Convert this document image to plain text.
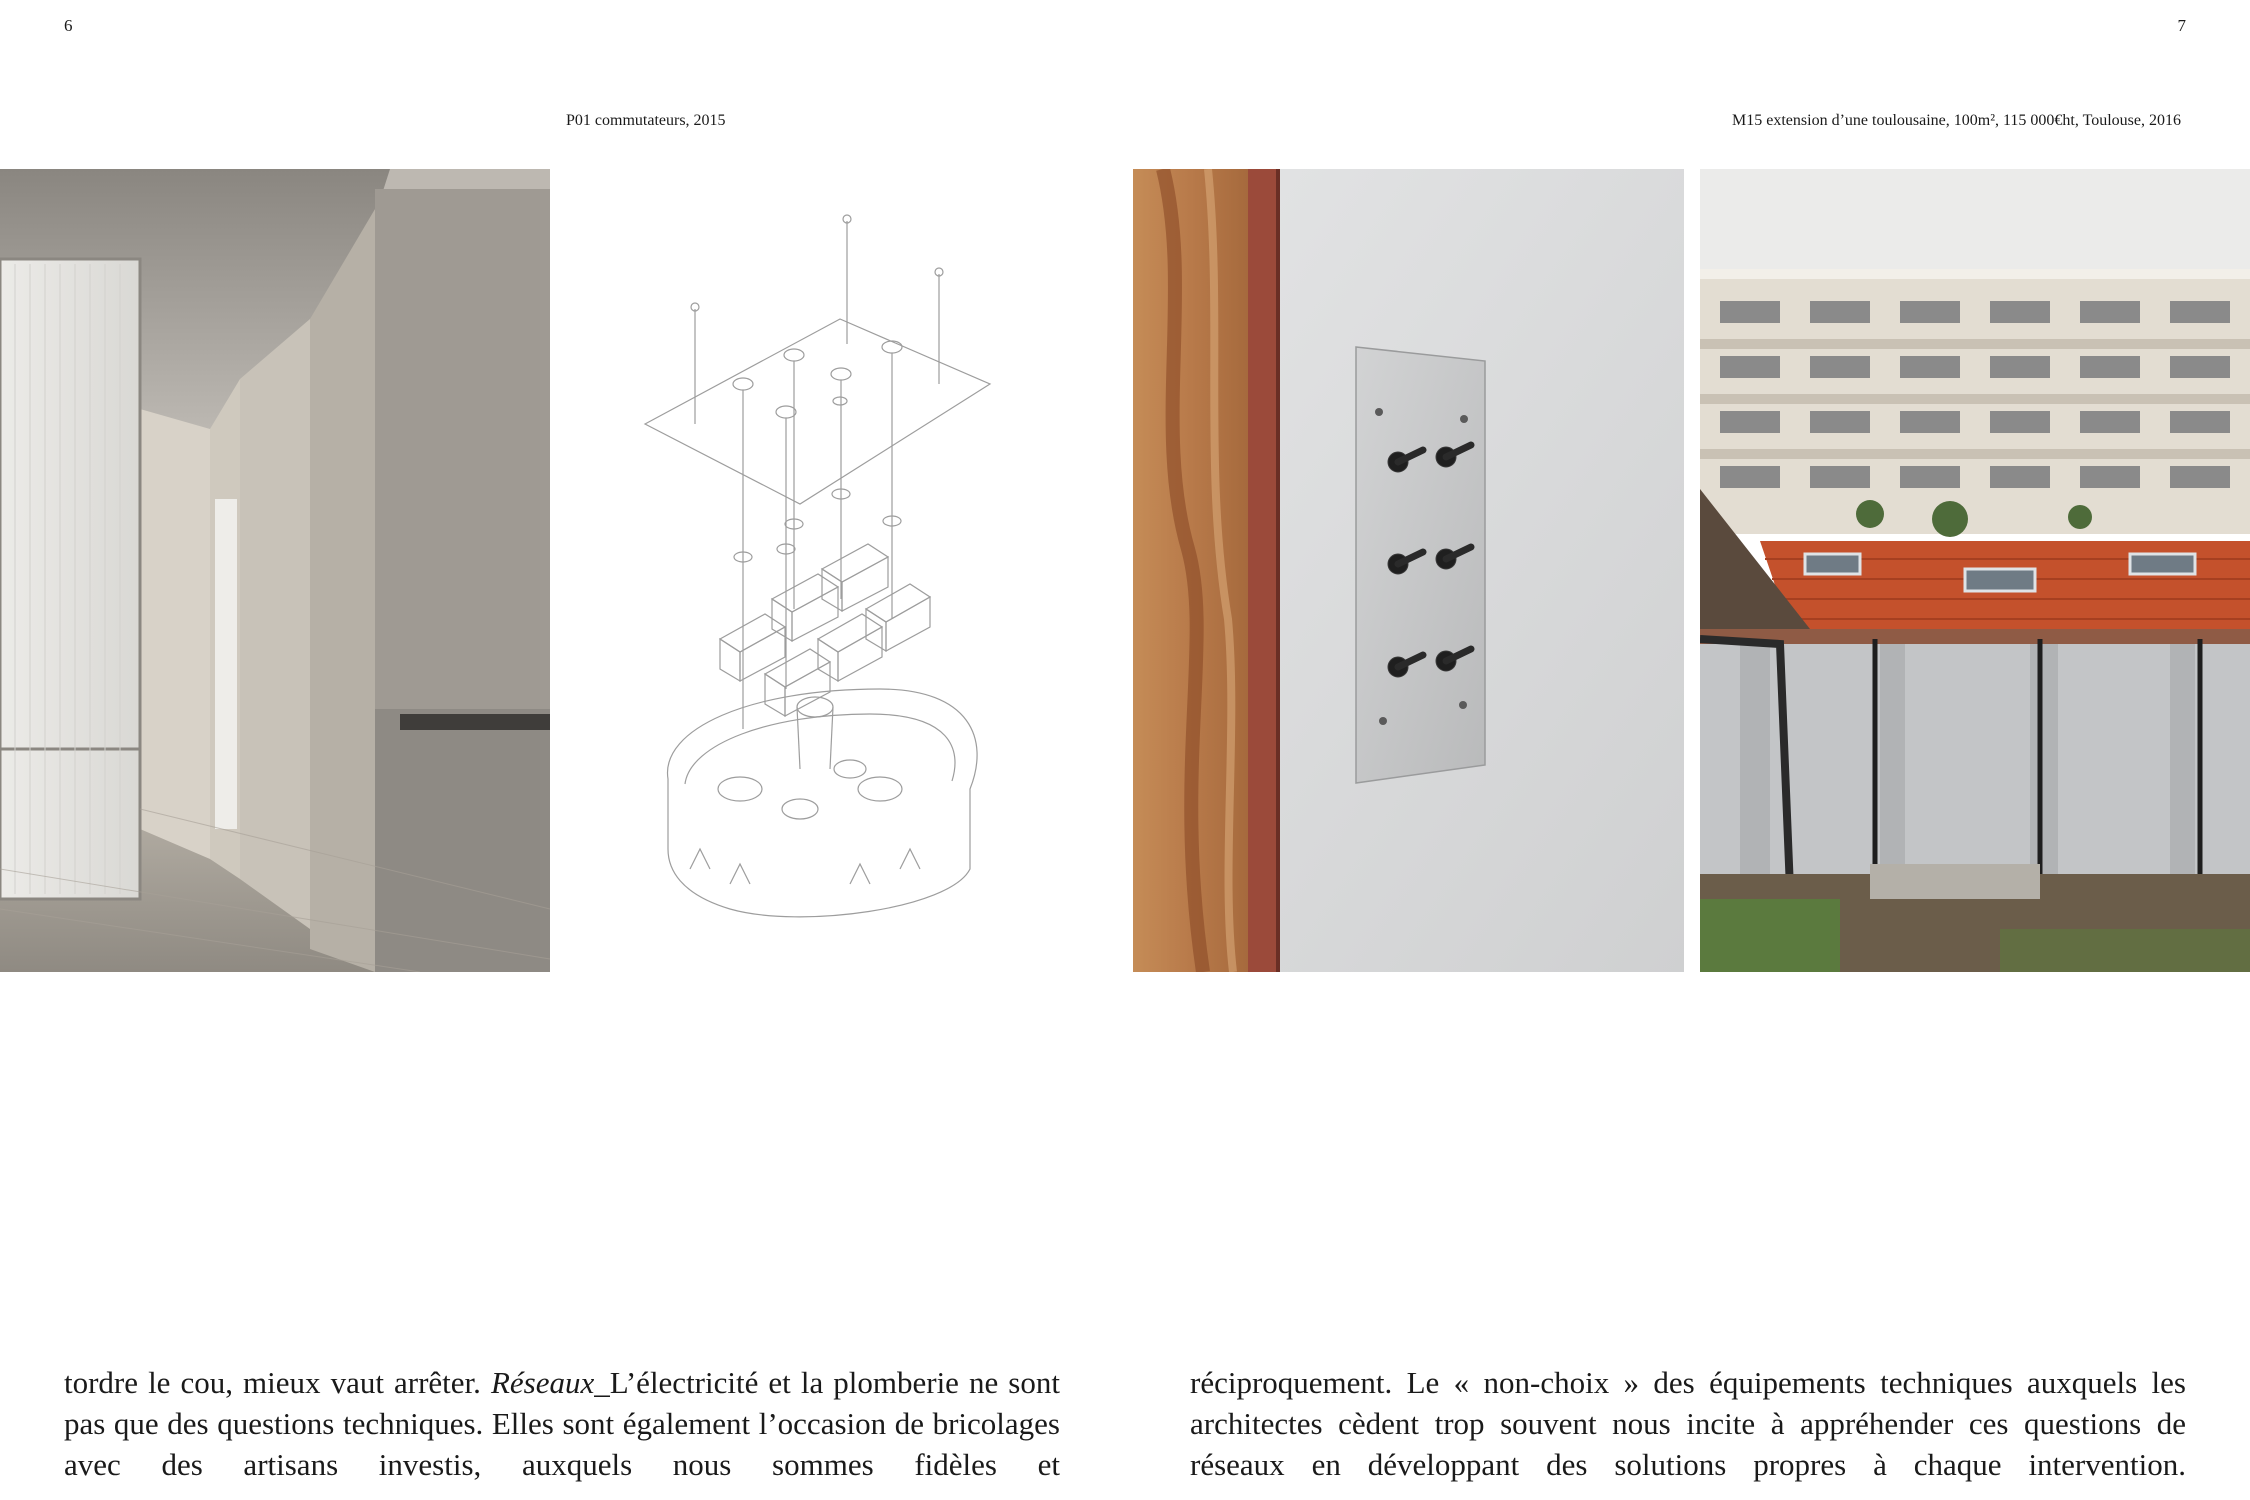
6	7
P01 commutateurs, 2015	M15 extension d’une toulousaine, 100m², 115 000€ht, Toulouse, 2016
tordre le cou, mieux vaut arrêter. Réseaux_L’électricité et la plomberie ne sont pas que des questions techniques. Elles sont également l’occasion de bricolages avec des artisans investis, auxquels nous sommes fidèles et
réciproquement. Le « non-choix » des équipements techniques auxquels les architectes cèdent trop souvent nous incite à appréhender ces questions de réseaux en développant des solutions propres à chaque intervention.
